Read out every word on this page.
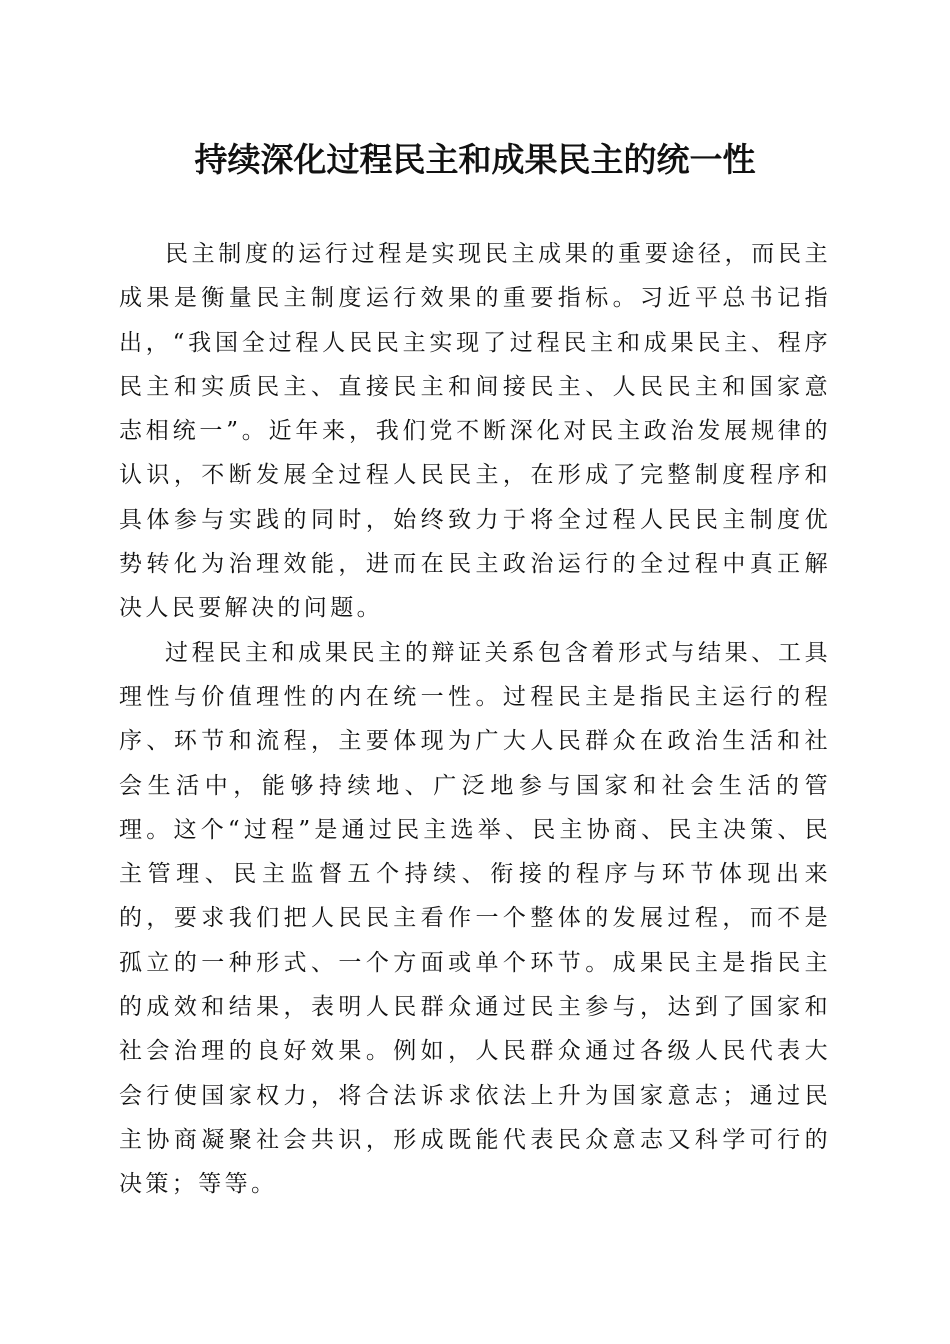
持续深化过程民主和成果民主的统一性

民主制度的运行过程是实现民主成果的重要途径，而民主成果是衡量民主制度运行效果的重要指标。习近平总书记指出，“我国全过程人民民主实现了过程民主和成果民主、程序民主和实质民主、直接民主和间接民主、人民民主和国家意志相统一”。近年来，我们党不断深化对民主政治发展规律的认识，不断发展全过程人民民主，在形成了完整制度程序和具体参与实践的同时，始终致力于将全过程人民民主制度优势转化为治理效能，进而在民主政治运行的全过程中真正解决人民要解决的问题。

过程民主和成果民主的辩证关系包含着形式与结果、工具理性与价值理性的内在统一性。过程民主是指民主运行的程序、环节和流程，主要体现为广大人民群众在政治生活和社会生活中，能够持续地、广泛地参与国家和社会生活的管理。这个“过程”是通过民主选举、民主协商、民主决策、民主管理、民主监督五个持续、衔接的程序与环节体现出来的，要求我们把人民民主看作一个整体的发展过程，而不是孤立的一种形式、一个方面或单个环节。成果民主是指民主的成效和结果，表明人民群众通过民主参与，达到了国家和社会治理的良好效果。例如，人民群众通过各级人民代表大会行使国家权力，将合法诉求依法上升为国家意志；通过民主协商凝聚社会共识，形成既能代表民众意志又科学可行的决策；等等。
